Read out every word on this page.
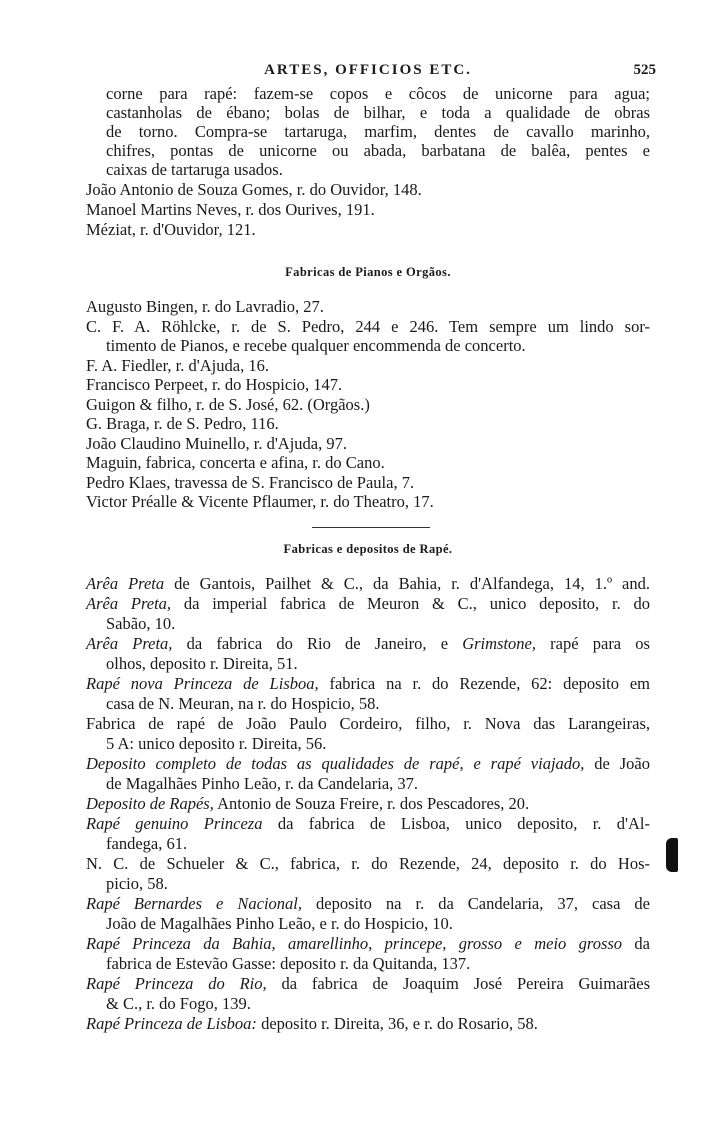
ARTES, OFFICIOS ETC.	525
corne para rapé: fazem-se copos e côcos de unicorne para agua;
castanholas de ébano; bolas de bilhar, e toda a qualidade de obras
de torno. Compra-se tartaruga, marfim, dentes de cavallo marinho,
chifres, pontas de unicorne ou abada, barbatana de balêa, pentes e
caixas de tartaruga usados.
João Antonio de Souza Gomes, r. do Ouvidor, 148.
Manoel Martins Neves, r. dos Ourives, 191.
Méziat, r. d'Ouvidor, 121.
Fabricas de Pianos e Orgãos.
Augusto Bingen, r. do Lavradio, 27.
C. F. A. Röhlcke, r. de S. Pedro, 244 e 246. Tem sempre um lindo sor-
timento de Pianos, e recebe qualquer encommenda de concerto.
F. A. Fiedler, r. d'Ajuda, 16.
Francisco Perpeet, r. do Hospicio, 147.
Guigon & filho, r. de S. José, 62. (Orgãos.)
G. Braga, r. de S. Pedro, 116.
João Claudino Muinello, r. d'Ajuda, 97.
Maguin, fabrica, concerta e afina, r. do Cano.
Pedro Klaes, travessa de S. Francisco de Paula, 7.
Victor Préalle & Vicente Pflaumer, r. do Theatro, 17.
Fabricas e depositos de Rapé.
Arêa Preta de Gantois, Pailhet & C., da Bahia, r. d'Alfandega, 14, 1.º and.
Arêa Preta, da imperial fabrica de Meuron & C., unico deposito, r. do
Sabão, 10.
Arêa Preta, da fabrica do Rio de Janeiro, e Grimstone, rapé para os
olhos, deposito r. Direita, 51.
Rapé nova Princeza de Lisboa, fabrica na r. do Rezende, 62: deposito em
casa de N. Meuran, na r. do Hospicio, 58.
Fabrica de rapé de João Paulo Cordeiro, filho, r. Nova das Larangeiras,
5 A: unico deposito r. Direita, 56.
Deposito completo de todas as qualidades de rapé, e rapé viajado, de João
de Magalhães Pinho Leão, r. da Candelaria, 37.
Deposito de Rapés, Antonio de Souza Freire, r. dos Pescadores, 20.
Rapé genuino Princeza da fabrica de Lisboa, unico deposito, r. d'Al-
fandega, 61.
N. C. de Schueler & C., fabrica, r. do Rezende, 24, deposito r. do Hos-
picio, 58.
Rapé Bernardes e Nacional, deposito na r. da Candelaria, 37, casa de
João de Magalhães Pinho Leão, e r. do Hospicio, 10.
Rapé Princeza da Bahia, amarellinho, princepe, grosso e meio grosso da
fabrica de Estevão Gasse: deposito r. da Quitanda, 137.
Rapé Princeza do Rio, da fabrica de Joaquim José Pereira Guimarães
& C., r. do Fogo, 139.
Rapé Princeza de Lisboa: deposito r. Direita, 36, e r. do Rosario, 58.
